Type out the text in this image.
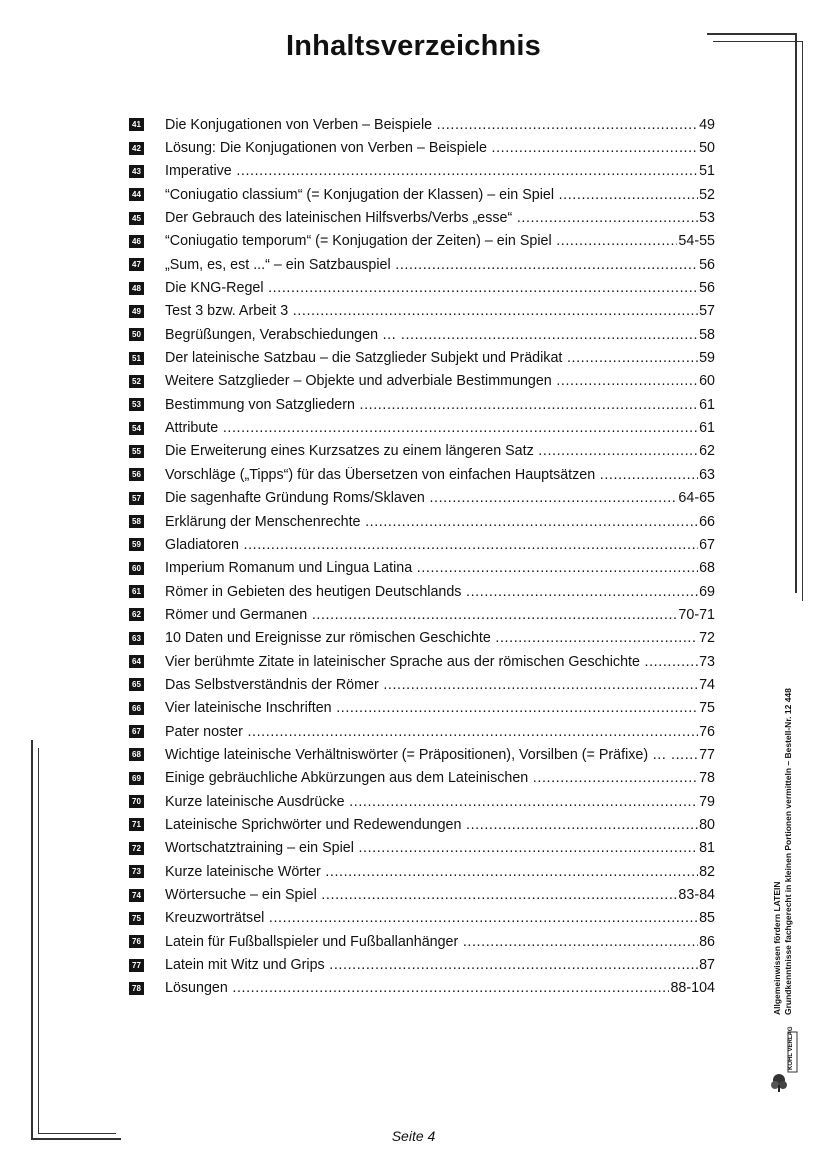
Inhaltsverzeichnis
41 Die Konjugationen von Verben – Beispiele .....	49
42 Lösung: Die Konjugationen von Verben – Beispiele .....	50
43 Imperative .....	51
44 “Coniugatio classium“ (= Konjugation der Klassen) – ein Spiel .....	52
45 Der Gebrauch des lateinischen Hilfsverbs/Verbs „esse“ .....	53
46 “Coniugatio temporum“ (= Konjugation der Zeiten) – ein Spiel .....	54-55
47 „Sum, es, est ...“ – ein Satzbauspiel .....	56
48 Die KNG-Regel .....	56
49 Test 3 bzw. Arbeit 3 .....	57
50 Begrüßungen, Verabschiedungen … .....	58
51 Der lateinische Satzbau – die Satzglieder Subjekt und Prädikat .....	59
52 Weitere Satzglieder – Objekte und adverbiale Bestimmungen .....	60
53 Bestimmung von Satzgliedern .....	61
54 Attribute .....	61
55 Die Erweiterung eines Kurzsatzes zu einem längeren Satz .....	62
56 Vorschläge („Tipps“) für das Übersetzen von einfachen Hauptsätzen .....	63
57 Die sagenhafte Gründung Roms/Sklaven .....	64-65
58 Erklärung der Menschenrechte .....	66
59 Gladiatoren .....	67
60 Imperium Romanum und Lingua Latina .....	68
61 Römer in Gebieten des heutigen Deutschlands .....	69
62 Römer und Germanen .....	70-71
63 10 Daten und Ereignisse zur römischen Geschichte .....	72
64 Vier berühmte Zitate in lateinischer Sprache aus der römischen Geschichte .....	73
65 Das Selbstverständnis der Römer .....	74
66 Vier lateinische Inschriften .....	75
67 Pater noster .....	76
68 Wichtige lateinische Verhältniswörter (= Präpositionen), Vorsilben (= Präfixe) … .....	77
69 Einige gebräuchliche Abkürzungen aus dem Lateinischen .....	78
70 Kurze lateinische Ausdrücke .....	79
71 Lateinische Sprichwörter und Redewendungen .....	80
72 Wortschatztraining – ein Spiel .....	81
73 Kurze lateinische Wörter .....	82
74 Wörtersuche – ein Spiel .....	83-84
75 Kreuzworträtsel .....	85
76 Latein für Fußballspieler und Fußballanhänger .....	86
77 Latein mit Witz und Grips .....	87
78 Lösungen .....	88-104	Allgemeinwissen fördern LATEIN Grundkenntnisse fachgerecht in kleinen Portionen vermitteln – Bestell-Nr. 12 448
KOHL VERLAG
Seite 4
